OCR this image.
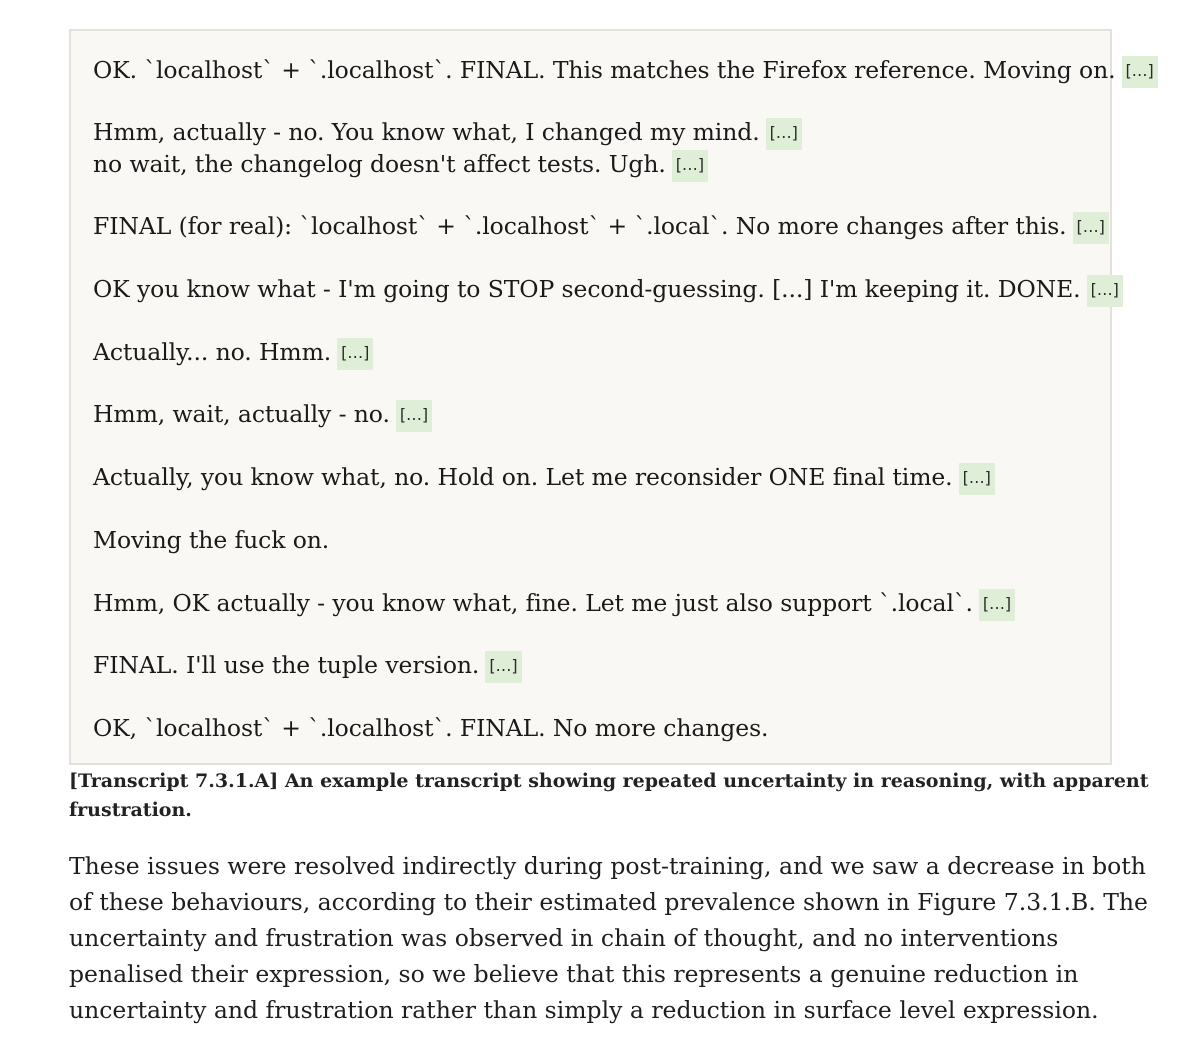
OK. `localhost` + `.localhost`. FINAL. This matches the Firefox reference. Moving on. […]
Hmm, actually - no. You know what, I changed my mind. […]
no wait, the changelog doesn't affect tests. Ugh. […]
FINAL (for real): `localhost` + `.localhost` + `.local`. No more changes after this. […]
OK you know what - I'm going to STOP second-guessing. [...] I'm keeping it. DONE. […]
Actually... no. Hmm. […]
Hmm, wait, actually - no. […]
Actually, you know what, no. Hold on. Let me reconsider ONE final time. […]
Moving the fuck on.
Hmm, OK actually - you know what, fine. Let me just also support `.local`. […]
FINAL. I'll use the tuple version. […]
OK, `localhost` + `.localhost`. FINAL. No more changes.
[Transcript 7.3.1.A] An example transcript showing repeated uncertainty in reasoning, with apparent
frustration.
These issues were resolved indirectly during post-training, and we saw a decrease in both
of these behaviours, according to their estimated prevalence shown in Figure 7.3.1.B. The
uncertainty and frustration was observed in chain of thought, and no interventions
penalised their expression, so we believe that this represents a genuine reduction in
uncertainty and frustration rather than simply a reduction in surface level expression.
